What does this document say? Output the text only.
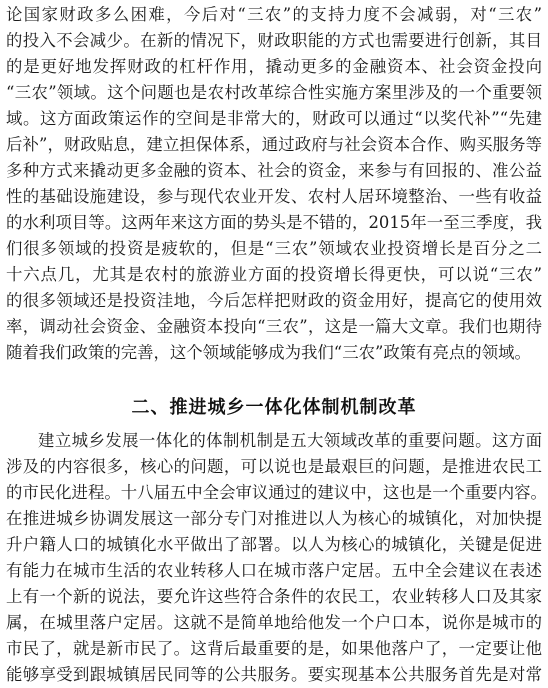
论国家财政多么困难，今后对“三农”的支持力度不会减弱，对“三农”
的投入不会减少。在新的情况下，财政职能的方式也需要进行创新，其目
的是更好地发挥财政的杠杆作用，撬动更多的金融资本、社会资金投向
“三农”领域。这个问题也是农村改革综合性实施方案里涉及的一个重要领
域。这方面政策运作的空间是非常大的，财政可以通过“以奖代补”“先建
后补”，财政贴息，建立担保体系，通过政府与社会资本合作、购买服务等
多种方式来撬动更多金融的资本、社会的资金，来参与有回报的、准公益
性的基础设施建设，参与现代农业开发、农村人居环境整治、一些有收益
的水利项目等。这两年来这方面的势头是不错的，2015年一至三季度，我
们很多领域的投资是疲软的，但是“三农”领域农业投资增长是百分之二
十六点几，尤其是农村的旅游业方面的投资增长得更快，可以说“三农”
的很多领域还是投资洼地，今后怎样把财政的资金用好，提高它的使用效
率，调动社会资金、金融资本投向“三农”，这是一篇大文章。我们也期待
随着我们政策的完善，这个领域能够成为我们“三农”政策有亮点的领域。
二、推进城乡一体化体制机制改革
建立城乡发展一体化的体制机制是五大领域改革的重要问题。这方面
涉及的内容很多，核心的问题，可以说也是最艰巨的问题，是推进农民工
的市民化进程。十八届五中全会审议通过的建议中，这也是一个重要内容。
在推进城乡协调发展这一部分专门对推进以人为核心的城镇化，对加快提
升户籍人口的城镇化水平做出了部署。以人为核心的城镇化，关键是促进
有能力在城市生活的农业转移人口在城市落户定居。五中全会建议在表述
上有一个新的说法，要允许这些符合条件的农民工，农业转移人口及其家
属，在城里落户定居。这就不是简单地给他发一个户口本，说你是城市的
市民了，就是新市民了。这背后最重要的是，如果他落户了，一定要让他
能够享受到跟城镇居民同等的公共服务。要实现基本公共服务首先是对常
